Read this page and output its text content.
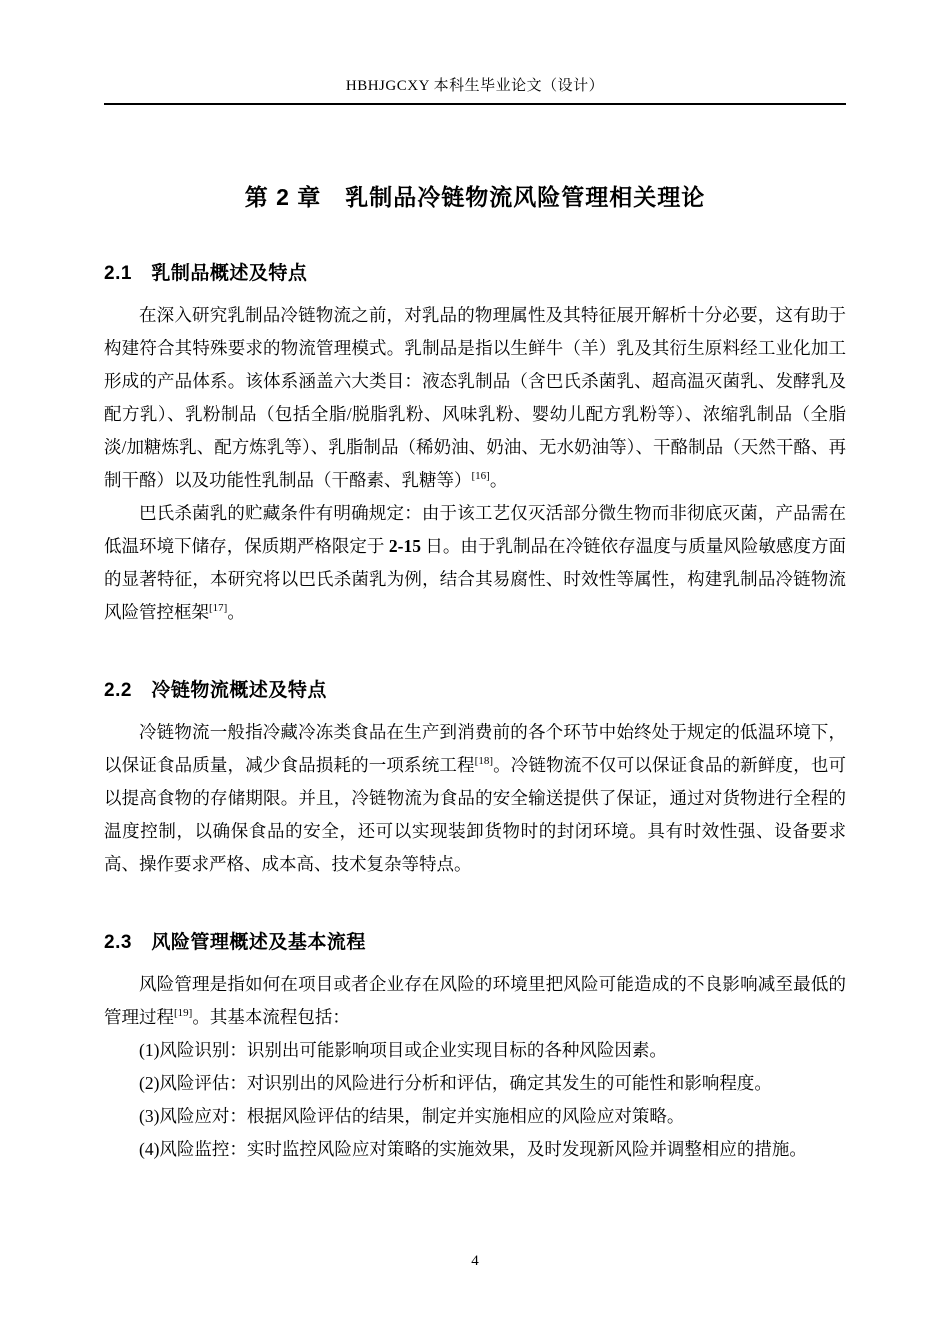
HBHJGCXY 本科生毕业论文（设计）
第 2 章　乳制品冷链物流风险管理相关理论
2.1　乳制品概述及特点

在深入研究乳制品冷链物流之前，对乳品的物理属性及其特征展开解析十分必要，这有助于构建符合其特殊要求的物流管理模式。乳制品是指以生鲜牛（羊）乳及其衍生原料经工业化加工形成的产品体系。该体系涵盖六大类目：液态乳制品（含巴氏杀菌乳、超高温灭菌乳、发酵乳及配方乳）、乳粉制品（包括全脂/脱脂乳粉、风味乳粉、婴幼儿配方乳粉等）、浓缩乳制品（全脂淡/加糖炼乳、配方炼乳等）、乳脂制品（稀奶油、奶油、无水奶油等）、干酪制品（天然干酪、再制干酪）以及功能性乳制品（干酪素、乳糖等）[16]。

巴氏杀菌乳的贮藏条件有明确规定：由于该工艺仅灭活部分微生物而非彻底灭菌，产品需在低温环境下储存，保质期严格限定于 2-15 日。由于乳制品在冷链依存温度与质量风险敏感度方面的显著特征，本研究将以巴氏杀菌乳为例，结合其易腐性、时效性等属性，构建乳制品冷链物流风险管控框架[17]。

2.2　冷链物流概述及特点

冷链物流一般指冷藏冷冻类食品在生产到消费前的各个环节中始终处于规定的低温环境下，以保证食品质量，减少食品损耗的一项系统工程[18]。冷链物流不仅可以保证食品的新鲜度，也可以提高食物的存储期限。并且，冷链物流为食品的安全输送提供了保证，通过对货物进行全程的温度控制，以确保食品的安全，还可以实现装卸货物时的封闭环境。具有时效性强、设备要求高、操作要求严格、成本高、技术复杂等特点。

2.3　风险管理概述及基本流程

风险管理是指如何在项目或者企业存在风险的环境里把风险可能造成的不良影响减至最低的管理过程[19]。其基本流程包括：

(1)风险识别：识别出可能影响项目或企业实现目标的各种风险因素。

(2)风险评估：对识别出的风险进行分析和评估，确定其发生的可能性和影响程度。

(3)风险应对：根据风险评估的结果，制定并实施相应的风险应对策略。

(4)风险监控：实时监控风险应对策略的实施效果，及时发现新风险并调整相应的措施。

4
